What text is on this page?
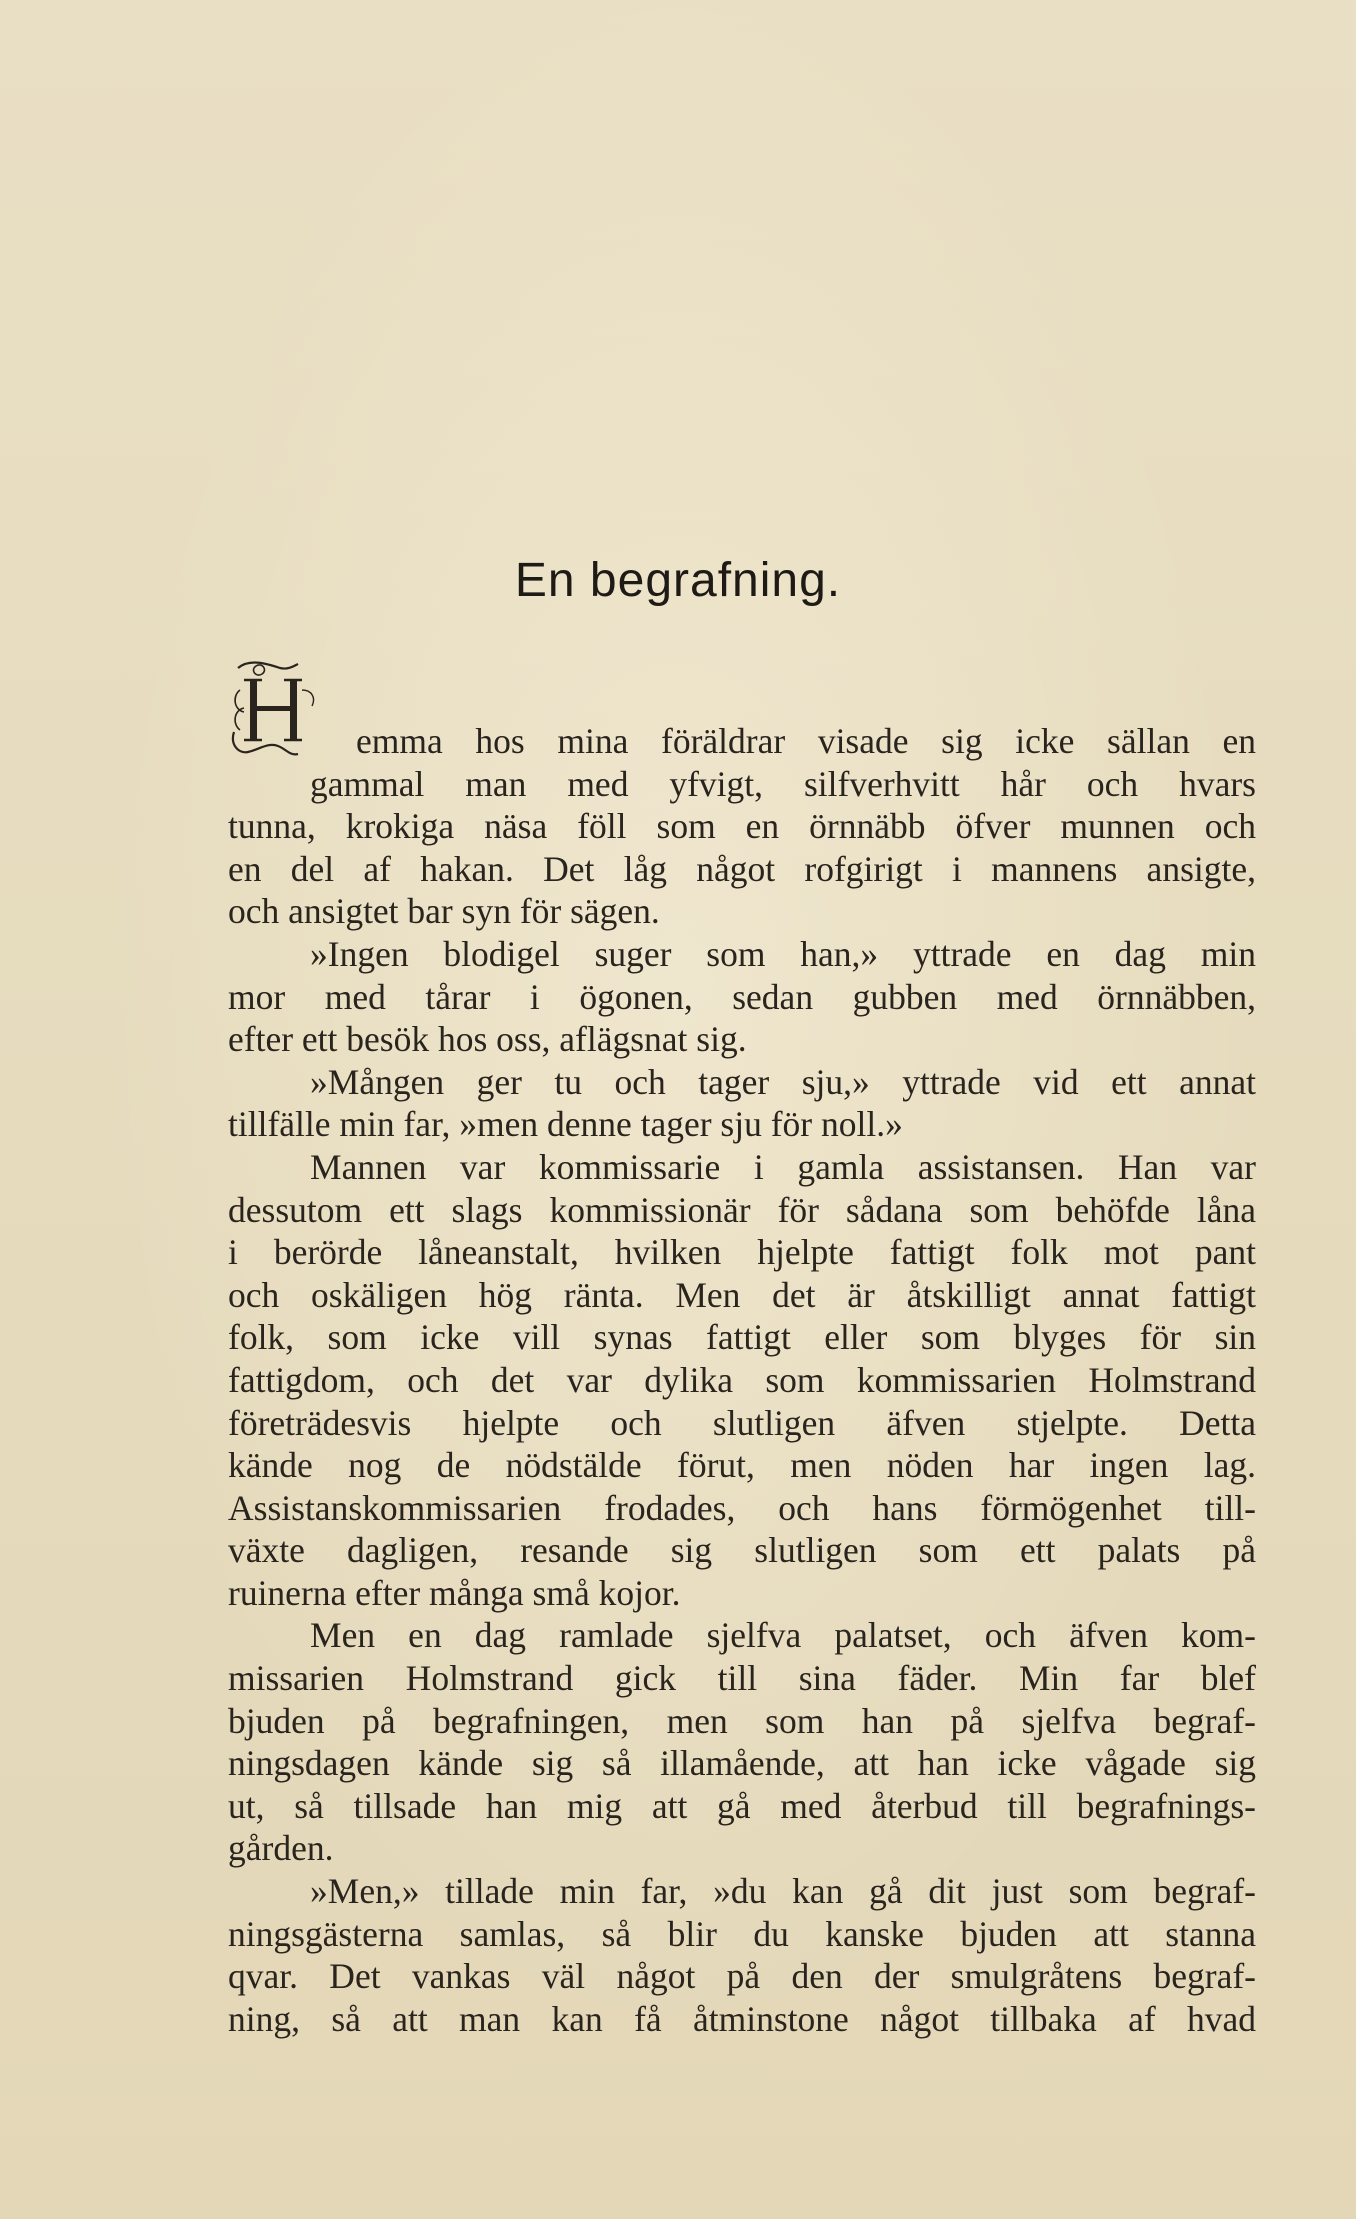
En begrafning.
emma hos mina föräldrar visade sig icke sällan en
gammal man med yfvigt, silfverhvitt hår och hvars
tunna, krokiga näsa föll som en örnnäbb öfver munnen och
en del af hakan. Det låg något rofgirigt i mannens ansigte,
och ansigtet bar syn för sägen.
»Ingen blodigel suger som han,» yttrade en dag min
mor med tårar i ögonen, sedan gubben med örnnäbben,
efter ett besök hos oss, aflägsnat sig.
»Mången ger tu och tager sju,» yttrade vid ett annat
tillfälle min far, »men denne tager sju för noll.»
Mannen var kommissarie i gamla assistansen. Han var
dessutom ett slags kommissionär för sådana som behöfde låna
i berörde låneanstalt, hvilken hjelpte fattigt folk mot pant
och oskäligen hög ränta. Men det är åtskilligt annat fattigt
folk, som icke vill synas fattigt eller som blyges för sin
fattigdom, och det var dylika som kommissarien Holmstrand
företrädesvis hjelpte och slutligen äfven stjelpte. Detta
kände nog de nödstälde förut, men nöden har ingen lag.
Assistanskommissarien frodades, och hans förmögenhet till-
växte dagligen, resande sig slutligen som ett palats på
ruinerna efter många små kojor.
Men en dag ramlade sjelfva palatset, och äfven kom-
missarien Holmstrand gick till sina fäder. Min far blef
bjuden på begrafningen, men som han på sjelfva begraf-
ningsdagen kände sig så illamående, att han icke vågade sig
ut, så tillsade han mig att gå med återbud till begrafnings-
gården.
»Men,» tillade min far, »du kan gå dit just som begraf-
ningsgästerna samlas, så blir du kanske bjuden att stanna
qvar. Det vankas väl något på den der smulgråtens begraf-
ning, så att man kan få åtminstone något tillbaka af hvad
